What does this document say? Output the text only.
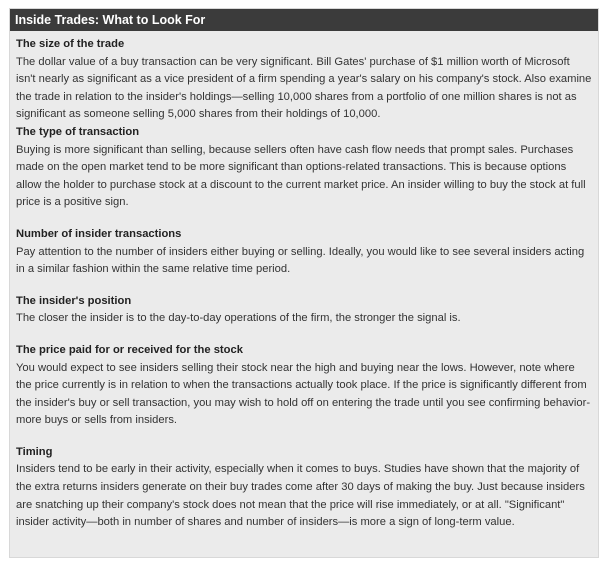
Inside Trades: What to Look For

The size of the trade

The dollar value of a buy transaction can be very significant. Bill Gates' purchase of $1 million worth of Microsoft isn't nearly as significant as a vice president of a firm spending a year's salary on his company's stock. Also examine the trade in relation to the insider's holdings—selling 10,000 shares from a portfolio of one million shares is not as significant as someone selling 5,000 shares from their holdings of 10,000.

The type of transaction

Buying is more significant than selling, because sellers often have cash flow needs that prompt sales. Purchases made on the open market tend to be more significant than options-related transactions. This is because options allow the holder to purchase stock at a discount to the current market price. An insider willing to buy the stock at full price is a positive sign.

Number of insider transactions

Pay attention to the number of insiders either buying or selling. Ideally, you would like to see several insiders acting in a similar fashion within the same relative time period.

The insider's position

The closer the insider is to the day-to-day operations of the firm, the stronger the signal is.

The price paid for or received for the stock

You would expect to see insiders selling their stock near the high and buying near the lows. However, note where the price currently is in relation to when the transactions actually took place. If the price is significantly different from the insider's buy or sell transaction, you may wish to hold off on entering the trade until you see confirming behavior-more buys or sells from insiders.

Timing

Insiders tend to be early in their activity, especially when it comes to buys. Studies have shown that the majority of the extra returns insiders generate on their buy trades come after 30 days of making the buy. Just because insiders are snatching up their company's stock does not mean that the price will rise immediately, or at all. "Significant" insider activity—both in number of shares and number of insiders—is more a sign of long-term value.
